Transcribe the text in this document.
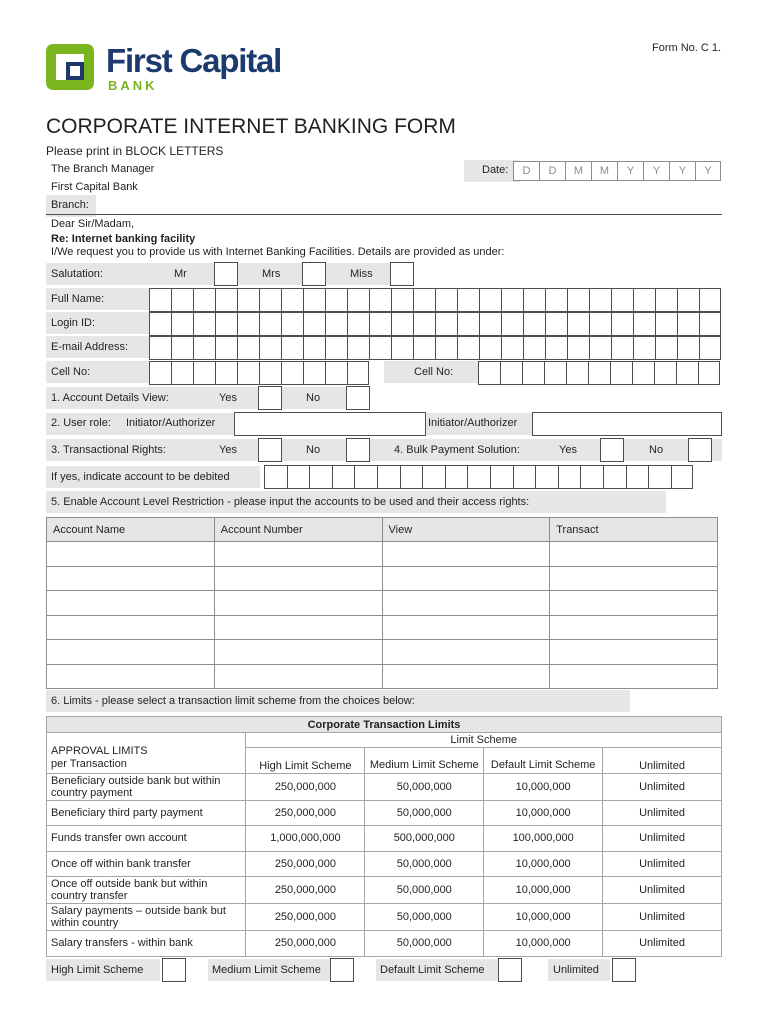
Form No. C 1.
First Capital
BANK
CORPORATE INTERNET BANKING FORM
Please print in BLOCK LETTERS
The Branch Manager
First Capital Bank
Date:	D	D	M	M	Y	Y	Y	Y
Branch:
Dear Sir/Madam,
Re: Internet banking facility
I/We request you to provide us with Internet Banking Facilities. Details are provided as under:
Salutation:	Mr	Mrs	Miss
Full Name:
Login ID:
E-mail Address:
Cell No:	Cell No:
1. Account Details View:	Yes	No
2. User role: Initiator/Authorizer	Initiator/Authorizer
3. Transactional Rights:	Yes	No	4. Bulk Payment Solution:	Yes	No
If yes, indicate account to be debited
5. Enable Account Level Restriction - please input the accounts to be used and their access rights:
Account Name	Account Number	View	Transact

6. Limits - please select a transaction limit scheme from the choices below:
Corporate Transaction Limits				

APPROVAL LIMITS
per Transaction	Limit Scheme			
	High Limit Scheme	Medium Limit Scheme	Default Limit Scheme	Unlimited
Beneficiary outside bank but within country payment	250,000,000	50,000,000	10,000,000	Unlimited
Beneficiary third party payment	250,000,000	50,000,000	10,000,000	Unlimited
Funds transfer own account	1,000,000,000	500,000,000	100,000,000	Unlimited
Once off within bank transfer	250,000,000	50,000,000	10,000,000	Unlimited
Once off outside bank but within country transfer	250,000,000	50,000,000	10,000,000	Unlimited
Salary payments – outside bank but within country	250,000,000	50,000,000	10,000,000	Unlimited
Salary transfers - within bank	250,000,000	50,000,000	10,000,000	Unlimited
High Limit Scheme	Medium Limit Scheme	Default Limit Scheme	Unlimited
